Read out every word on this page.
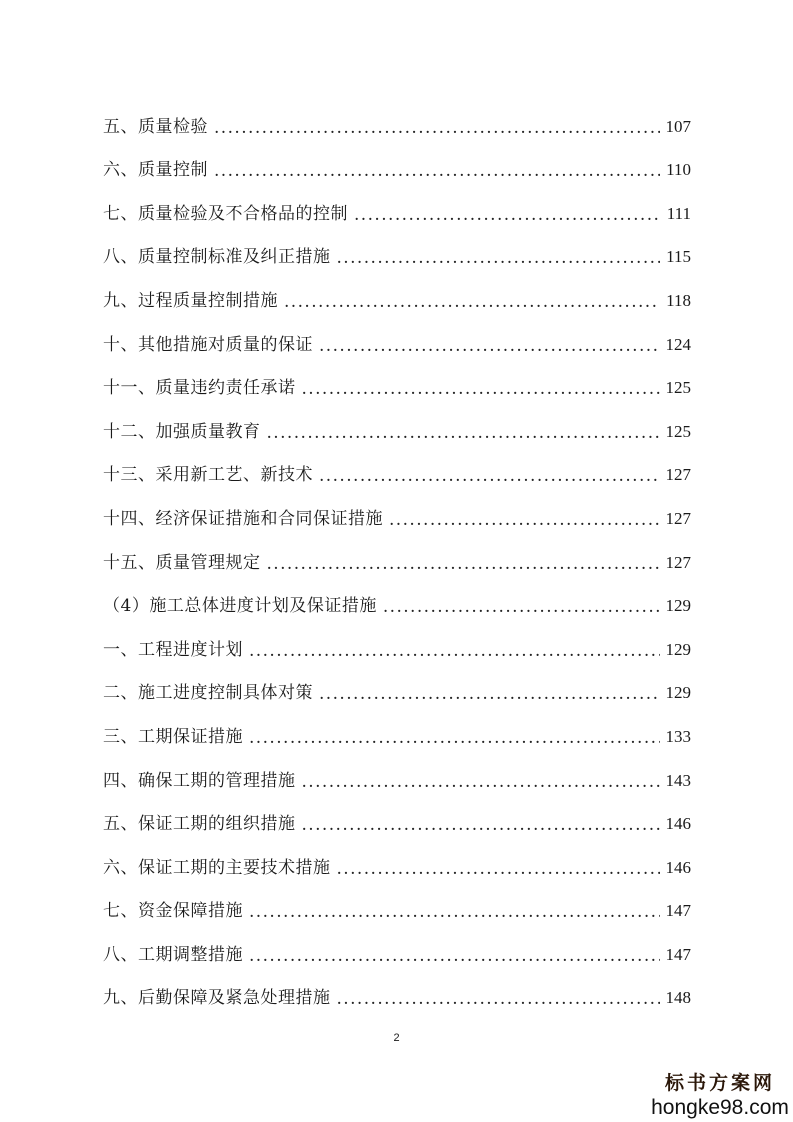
五、质量检验 . . .	107
六、质量控制 . . .	110
七、质量检验及不合格品的控制 . . .	111
八、质量控制标准及纠正措施 . . .	115
九、过程质量控制措施 . . .	118
十、其他措施对质量的保证 . . .	124
十一、质量违约责任承诺 . . .	125
十二、加强质量教育 . . .	125
十三、采用新工艺、新技术 . . .	127
十四、经济保证措施和合同保证措施 . . .	127
十五、质量管理规定 . . .	127
（4）施工总体进度计划及保证措施 . . .	129
一、工程进度计划 . . .	129
二、施工进度控制具体对策 . . .	129
三、工期保证措施 . . .	133
四、确保工期的管理措施 . . .	143
五、保证工期的组织措施 . . .	146
六、保证工期的主要技术措施 . . .	146
七、资金保障措施 . . .	147
八、工期调整措施 . . .	147
九、后勤保障及紧急处理措施 . . .	148
2
标书方案网
hongke98.com
